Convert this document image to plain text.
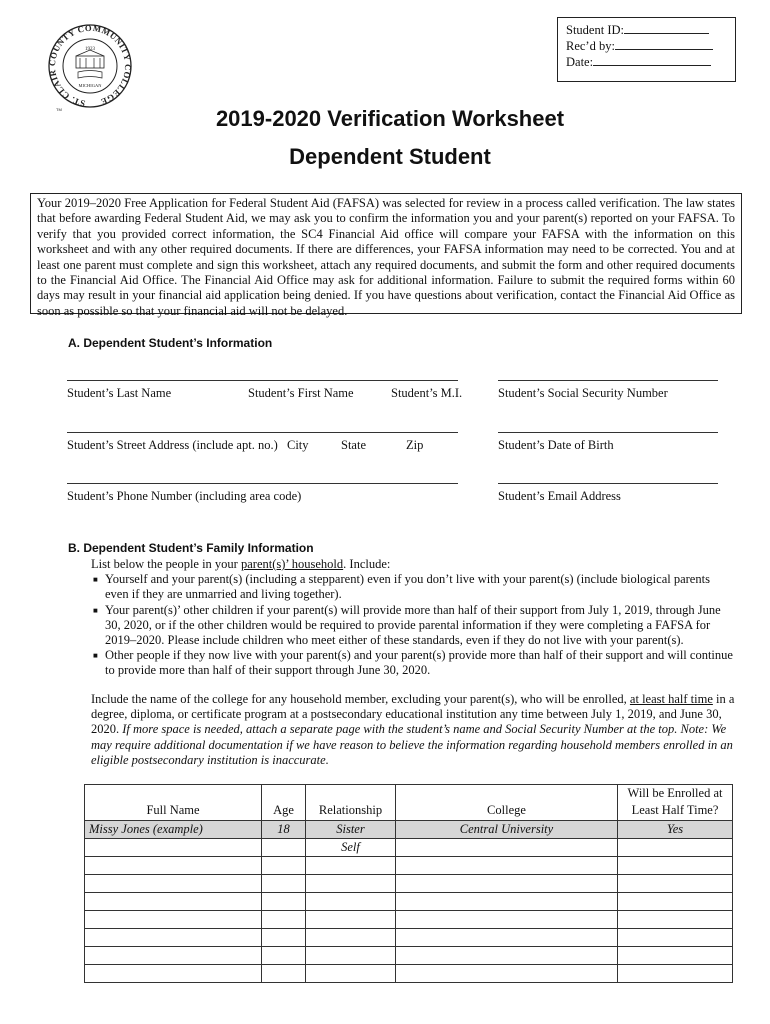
Student ID:
Rec’d by:
Date:
ST. CLAIR COUNTY COMMUNITY COLLEGE
1923
MICHIGAN
TM	2019-2020 Verification Worksheet
Dependent Student
Your 2019–2020 Free Application for Federal Student Aid (FAFSA) was selected for review in a process called verification. The law states that before awarding Federal Student Aid, we may ask you to confirm the information you and your parent(s) reported on your FAFSA. To verify that you provided correct information, the SC4 Financial Aid office will compare your FAFSA with the information on this worksheet and with any other required documents. If there are differences, your FAFSA information may need to be corrected. You and at least one parent must complete and sign this worksheet, attach any required documents, and submit the form and other required documents to the Financial Aid Office. The Financial Aid Office may ask for additional information. Failure to submit the required forms within 60 days may result in your financial aid application being denied. If you have questions about verification, contact the Financial Aid Office as soon as possible so that your financial aid will not be delayed.
A. Dependent Student’s Information
Student’s Last Name	Student’s First Name	Student’s M.I.	Student’s Social Security Number
Student’s Street Address (include apt. no.) City	State	Zip	Student’s Date of Birth
Student’s Phone Number (including area code)	Student’s Email Address
B. Dependent Student’s Family Information
List below the people in your parent(s)’ household. Include:
■ Yourself and your parent(s) (including a stepparent) even if you don’t live with your parent(s) (include biological parents even if they are unmarried and living together).
■ Your parent(s)’ other children if your parent(s) will provide more than half of their support from July 1, 2019, through June 30, 2020, or if the other children would be required to provide parental information if they were completing a FAFSA for 2019–2020. Please include children who meet either of these standards, even if they do not live with your parent(s).
■ Other people if they now live with your parent(s) and your parent(s) provide more than half of their support and will continue to provide more than half of their support through June 30, 2020.
Include the name of the college for any household member, excluding your parent(s), who will be enrolled, at least half time in a degree, diploma, or certificate program at a postsecondary educational institution any time between July 1, 2019, and June 30, 2020. If more space is needed, attach a separate page with the student’s name and Social Security Number at the top. Note: We may require additional documentation if we have reason to believe the information regarding household members enrolled in an eligible postsecondary institution is inaccurate.
Full Name	Age	Relationship	College	Will be Enrolled at
Least Half Time?

Missy Jones (example)	18	Sister	Central University	Yes
		Self		
